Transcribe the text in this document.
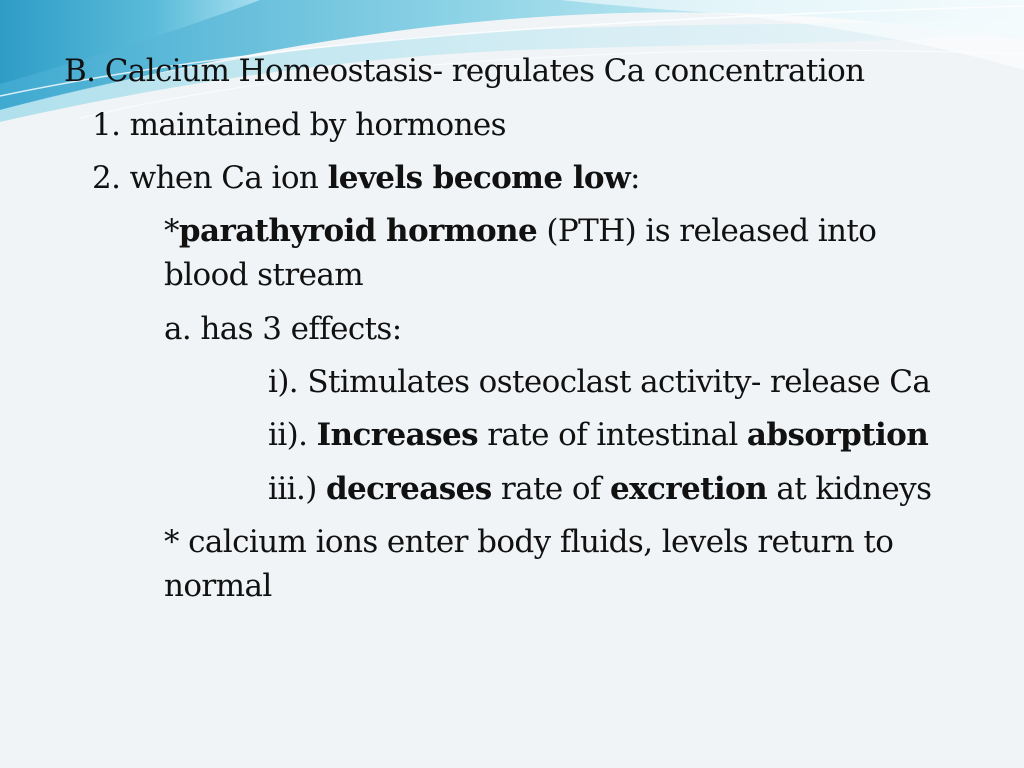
B. Calcium Homeostasis- regulates Ca concentration
1. maintained by hormones
2. when Ca ion levels become low:
*parathyroid hormone (PTH) is released into
blood stream
a. has 3 effects:
i). Stimulates osteoclast activity- release Ca
ii). Increases rate of intestinal absorption
iii.) decreases rate of excretion at kidneys
* calcium ions enter body fluids, levels return to
normal
